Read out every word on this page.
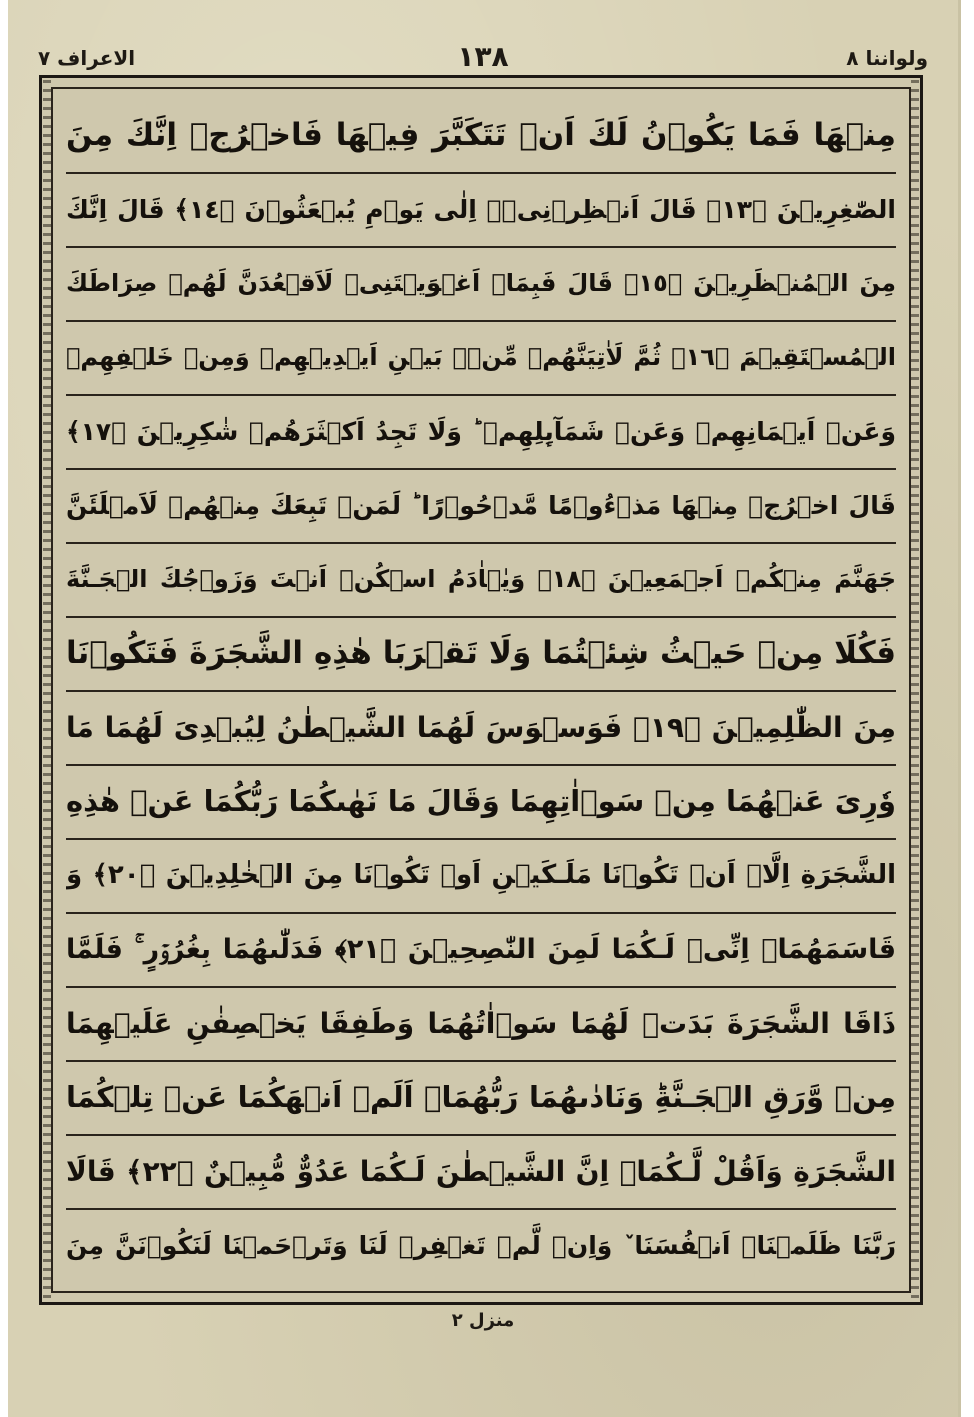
ولواننا ٨
١٣٨
الاعراف ٧
مِنۡهَا فَمَا يَكُوۡنُ لَكَ اَنۡ تَتَكَبَّرَ فِيۡهَا فَاخۡرُجۡ اِنَّكَ مِنَ
الصّٰغِرِيۡنَ ﴿١٣﴾ قَالَ اَنۡظِرۡنِىۡۤ اِلٰى يَوۡمِ يُبۡعَثُوۡنَ ﴿١٤﴾ قَالَ اِنَّكَ
مِنَ الۡمُنۡظَرِيۡنَ ﴿١٥﴾ قَالَ فَبِمَاۤ اَغۡوَيۡتَنِىۡ لَاَقۡعُدَنَّ لَهُمۡ صِرَاطَكَ
الۡمُسۡتَقِيۡمَ ﴿١٦﴾ ثُمَّ لَاٰتِيَنَّهُمۡ مِّنۡۢ بَيۡنِ اَيۡدِيۡهِمۡ وَمِنۡ خَلۡفِهِمۡ
وَعَنۡ اَيۡمَانِهِمۡ وَعَنۡ شَمَآٮِٕلِهِمۡ‌ ؕ وَلَا تَجِدُ اَكۡثَرَهُمۡ شٰكِرِيۡنَ ﴿١٧﴾
قَالَ اخۡرُجۡ مِنۡهَا مَذۡءُوۡمًا مَّدۡحُوۡرًا‌ ؕ لَمَنۡ تَبِعَكَ مِنۡهُمۡ لَاَمۡلَئَنَّ
جَهَنَّمَ مِنۡكُمۡ اَجۡمَعِيۡنَ ﴿١٨﴾ وَيٰۤاٰدَمُ اسۡكُنۡ اَنۡتَ وَزَوۡجُكَ الۡجَـنَّةَ
فَكُلَا مِنۡ حَيۡثُ شِئۡتُمَا وَلَا تَقۡرَبَا هٰذِهِ الشَّجَرَةَ فَتَكُوۡنَا
مِنَ الظّٰلِمِيۡنَ ﴿١٩﴾ فَوَسۡوَسَ لَهُمَا الشَّيۡطٰنُ لِيُبۡدِىَ لَهُمَا مَا
وٗرِىَ عَنۡهُمَا مِنۡ سَوۡاٰتِهِمَا وَقَالَ مَا نَهٰٮكُمَا رَبُّكُمَا عَنۡ هٰذِهِ
الشَّجَرَةِ اِلَّاۤ اَنۡ تَكُوۡنَا مَلَـكَيۡنِ اَوۡ تَكُوۡنَا مِنَ الۡخٰلِدِيۡنَ ﴿٢٠﴾ وَ
قَاسَمَهُمَاۤ اِنِّىۡ لَـكُمَا لَمِنَ النّٰصِحِيۡنَ ﴿٢١﴾ فَدَلّٰٮهُمَا بِغُرُوۡرٍ‌ ۚ فَلَمَّا
ذَاقَا الشَّجَرَةَ بَدَتۡ لَهُمَا سَوۡاٰتُهُمَا وَطَفِقَا يَخۡصِفٰنِ عَلَيۡهِمَا
مِنۡ وَّرَقِ الۡجَـنَّةِ‌ؕ وَنَادٰٮهُمَا رَبُّهُمَاۤ اَلَمۡ اَنۡهَكُمَا عَنۡ تِلۡكُمَا
الشَّجَرَةِ وَاَقُلْ لَّـكُمَاۤ اِنَّ الشَّيۡطٰنَ لَـكُمَا عَدُوٌّ مُّبِيۡنٌ ﴿٢٢﴾ قَالَا
رَبَّنَا ظَلَمۡنَاۤ اَنۡفُسَنَا ٚ وَاِنۡ لَّمۡ تَغۡفِرۡ لَنَا وَتَرۡحَمۡنَا لَنَكُوۡنَنَّ مِنَ
منزل ٢
